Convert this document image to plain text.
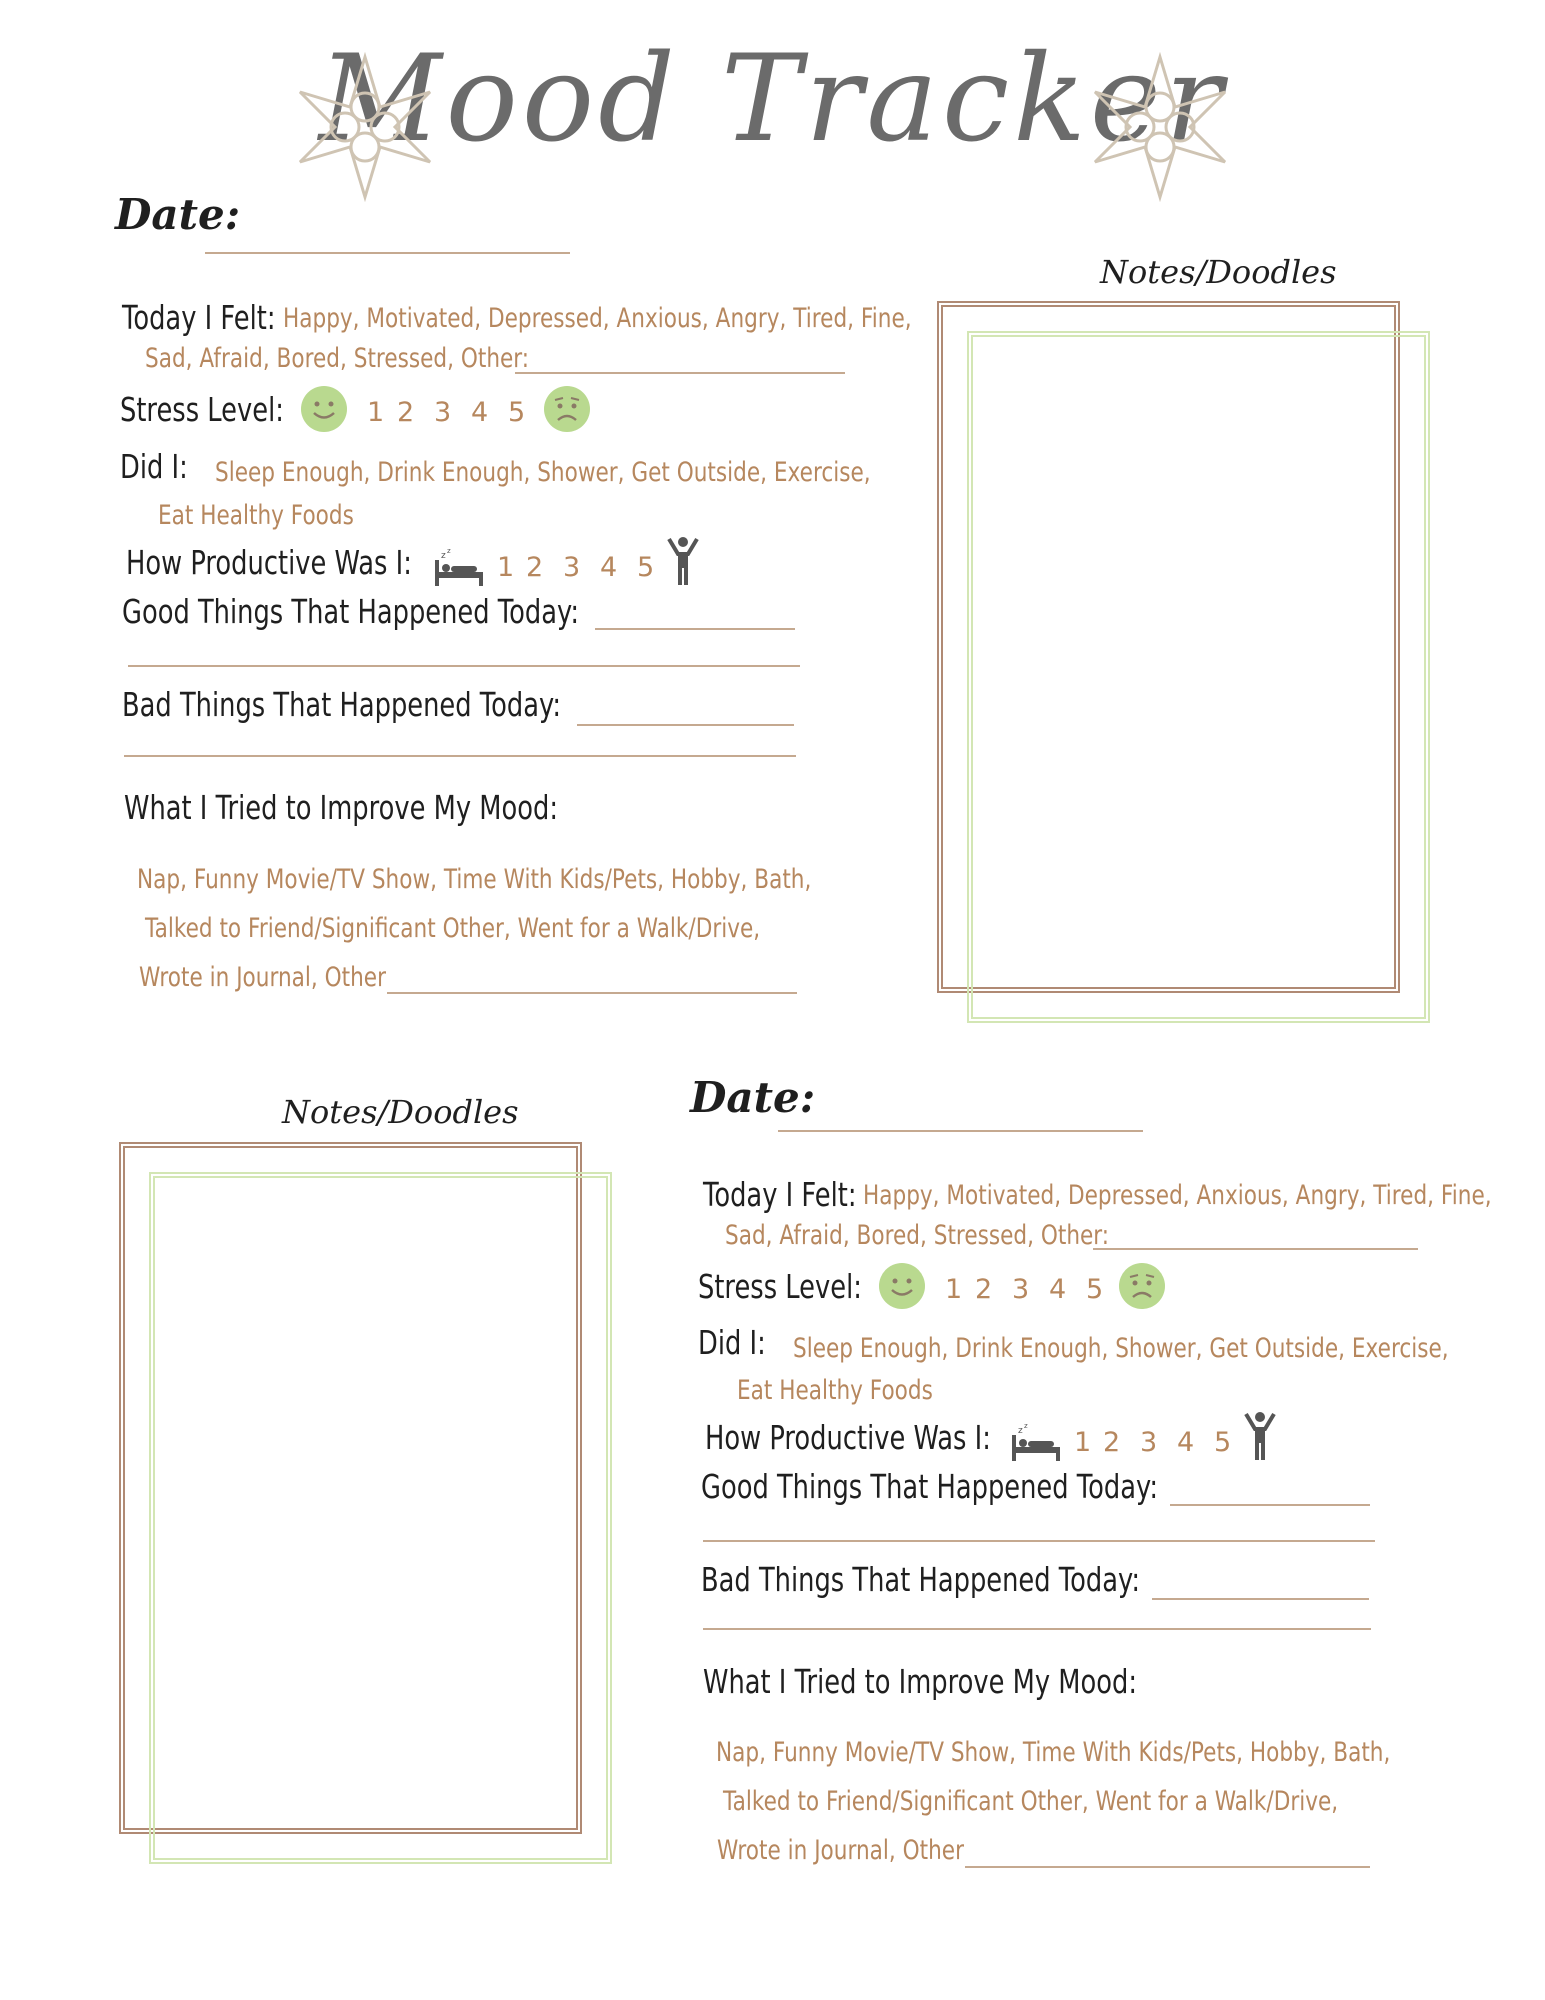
Mood Tracker
Date:
Today I Felt: Happy, Motivated, Depressed, Anxious, Angry, Tired, Fine,
Sad, Afraid, Bored, Stressed, Other:
Stress Level:	1 2 3 4 5
Did I: Sleep Enough, Drink Enough, Shower, Get Outside, Exercise,
Eat Healthy Foods
How Productive Was I:	z z
1 2 3 4 5
Good Things That Happened Today:
Bad Things That Happened Today:
What I Tried to Improve My Mood:
Nap, Funny Movie/TV Show, Time With Kids/Pets, Hobby, Bath,
Talked to Friend/Significant Other, Went for a Walk/Drive,
Wrote in Journal, Other
Notes/Doodles
Notes/Doodles	Date:
Today I Felt: Happy, Motivated, Depressed, Anxious, Angry, Tired, Fine,
Sad, Afraid, Bored, Stressed, Other:
Stress Level:	1 2 3 4 5
Did I: Sleep Enough, Drink Enough, Shower, Get Outside, Exercise,
Eat Healthy Foods
How Productive Was I:	z z
1 2 3 4 5
Good Things That Happened Today:
Bad Things That Happened Today:
What I Tried to Improve My Mood:
Nap, Funny Movie/TV Show, Time With Kids/Pets, Hobby, Bath,
Talked to Friend/Significant Other, Went for a Walk/Drive,
Wrote in Journal, Other
